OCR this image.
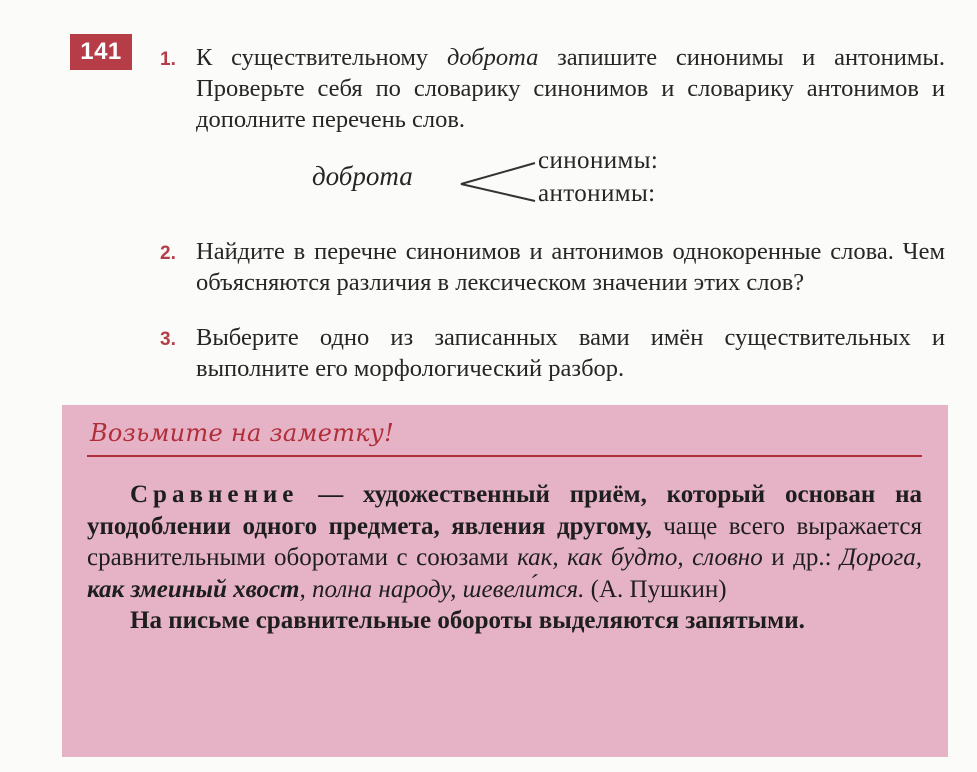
141	1. К существительному доброта запишите синонимы и антонимы. Проверьте себя по словарику синонимов и словарику антонимов и дополните перечень слов.
доброта
синонимы:
антонимы:
2. Найдите в перечне синонимов и антонимов однокоренные слова. Чем объясняются различия в лексическом значении этих слов?
3. Выберите одно из записанных вами имён существительных и выполните его морфологический разбор.
Возьмите на заметку!

Сравнение — художественный приём, который основан на уподоблении одного предмета, явления другому, чаще всего выражается сравнительными оборотами с союзами как, как будто, словно и др.: Дорога, как змеиный хвост, полна народу, шевели́тся. (А. Пушкин)

На письме сравнительные обороты выделяются запятыми.
